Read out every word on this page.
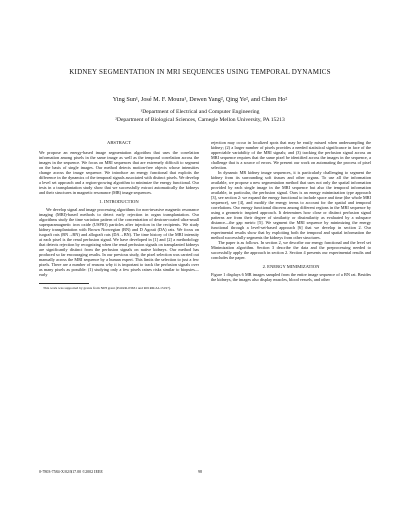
KIDNEY SEGMENTATION IN MRI SEQUENCES USING TEMPORAL DYNAMICS
Ying Sun¹, José M. F. Moura¹, Dewen Yang², Qing Ye², and Chien Ho²
¹Department of Electrical and Computer Engineering
²Department of Biological Sciences, Carnegie Mellon University, PA 15213
ABSTRACT

We propose an energy-based image segmentation algorithm that uses the correlation information among pixels in the same image as well as the temporal correlation across the images in the sequence. We focus on MRI sequences that are extremely difficult to segment on the basis of single images. Our method detects motion-free objects whose intensities change across the image sequence. We introduce an energy functional that exploits the difference in the dynamics of the temporal signals associated with distinct pixels. We develop a level set approach and a region-growing algorithm to minimize the energy functional. Our tests in a transplantation study show that we successfully extract automatically the kidneys and their structures in magnetic resonance (MR) image sequences.

1. INTRODUCTION

We develop signal and image processing algorithms for non-invasive magnetic resonance imaging (MRI)-based methods to detect early rejection in organ transplantation. Our algorithms study the time variation pattern of the concentration of dextran-coated ultra-small superparamagnetic iron oxide (USPIO) particles after injection in the recipients. We study kidney transplantation with Brown Norwegian (BN) and D Agouti (DA) rats. We focus on isograft rats (BN→BN) and allograft rats (DA→BN). The time history of the MRI intensity at each pixel is the renal perfusion signal. We have developed in [1] and [2] a methodology that detects rejection by recognizing when the renal perfusion signals on transplanted kidneys are significantly distinct from the perfusion signals on native kidneys. Our method has produced so far encouraging results. In our previous study, the pixel selection was carried out manually across the MRI sequence by a human expert. This limits the selection to just a few pixels. There are a number of reasons why it is important to track the perfusion signals over as many pixels as possible: (1) studying only a few pixels raises risks similar to biopsies—early

This work was supported by grants from NIH grant (P41RR-03631 and R01RR/AI-15197).

rejection may occur in localized spots that may be easily missed when undersampling the kidney; (2) a larger number of pixels provides a needed statistical significance in face of the appreciable variability of the MRI signals; and (3) tracking the perfusion signal across an MRI sequence requires that the same pixel be identified across the images in the sequence, a challenge that is a source of errors. We present our work on automating the process of pixel selection.

In dynamic MR kidney image sequences, it is particularly challenging to segment the kidney from its surrounding soft tissues and other organs. To use all the information available, we propose a new segmentation method that uses not only the spatial information provided by each single image in the MRI sequence but also the temporal information available, in particular, the perfusion signal. Ours is an energy minimization type approach [3], see section 2: we expand the energy functional to include space and time (the whole MRI sequence), see [4], and modify the energy terms to account for the spatial and temporal correlations. Our energy functional discerns among different regions in the MRI sequence by using a geometric inspired approach. It determines how close or distinct perfusion signal patterns are from their degree of similarity or dissimilarity as evaluated by a subspace distance—the gap metric [5]. We segment the MRI sequence by minimizing the energy functional through a level-set-based approach [6] that we develop in section 2. Our experimental results show that by exploiting both the temporal and spatial information the method successfully segments the kidneys from other structures.

The paper is as follows. In section 2, we describe our energy functional and the level set Minimization algorithm. Section 3 describe the data and the preprocessing needed to successfully apply the approach in section 2. Section 4 presents our experimental results and concludes the paper.

2. ENERGY MINIMIZATION

Figure 1 displays 6 MR images sampled from the entire image sequence of a BN rat. Besides the kidneys, the images also display muscles, blood vessels, and other

0-7803-7584-X/02/$17.00 ©2002 IEEE	98
